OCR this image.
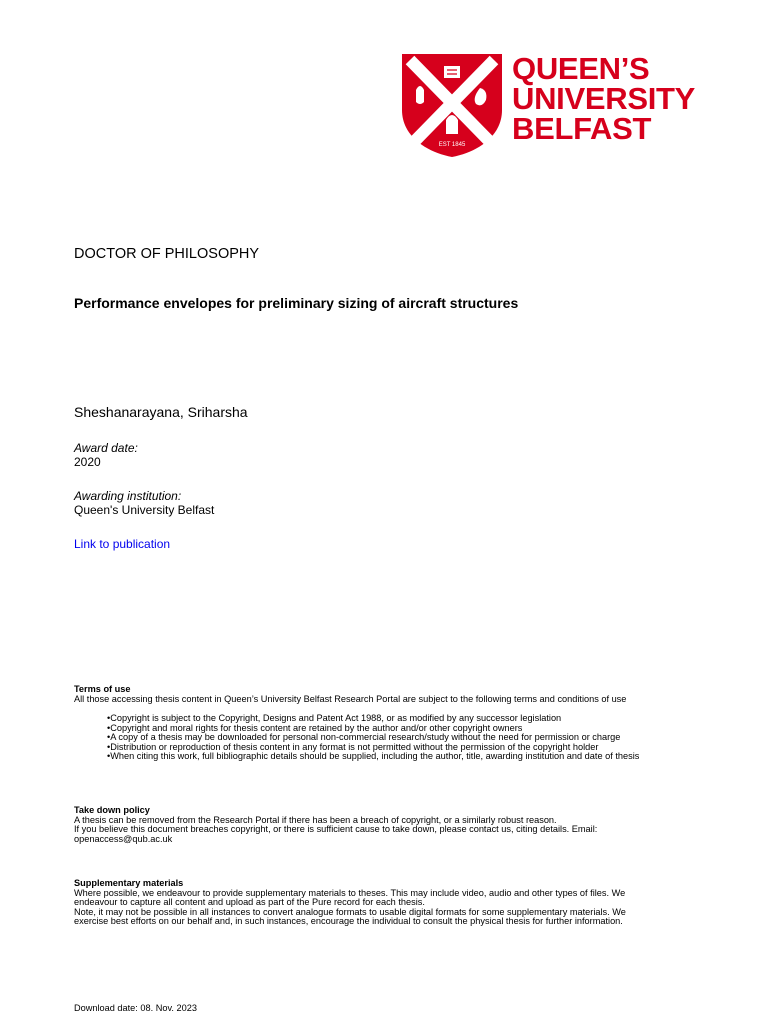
EST 1845
QUEEN’S
UNIVERSITY
BELFAST
DOCTOR OF PHILOSOPHY
Performance envelopes for preliminary sizing of aircraft structures
Sheshanarayana, Sriharsha
Award date:
2020
Awarding institution:
Queen's University Belfast
Link to publication
Terms of use
All those accessing thesis content in Queen’s University Belfast Research Portal are subject to the following terms and conditions of use
• Copyright is subject to the Copyright, Designs and Patent Act 1988, or as modified by any successor legislation
• Copyright and moral rights for thesis content are retained by the author and/or other copyright owners
• A copy of a thesis may be downloaded for personal non-commercial research/study without the need for permission or charge
• Distribution or reproduction of thesis content in any format is not permitted without the permission of the copyright holder
• When citing this work, full bibliographic details should be supplied, including the author, title, awarding institution and date of thesis
Take down policy
A thesis can be removed from the Research Portal if there has been a breach of copyright, or a similarly robust reason.
If you believe this document breaches copyright, or there is sufficient cause to take down, please contact us, citing details. Email:
openaccess@qub.ac.uk
Supplementary materials
Where possible, we endeavour to provide supplementary materials to theses. This may include video, audio and other types of files. We
endeavour to capture all content and upload as part of the Pure record for each thesis.
Note, it may not be possible in all instances to convert analogue formats to usable digital formats for some supplementary materials. We
exercise best efforts on our behalf and, in such instances, encourage the individual to consult the physical thesis for further information.
Download date: 08. Nov. 2023
